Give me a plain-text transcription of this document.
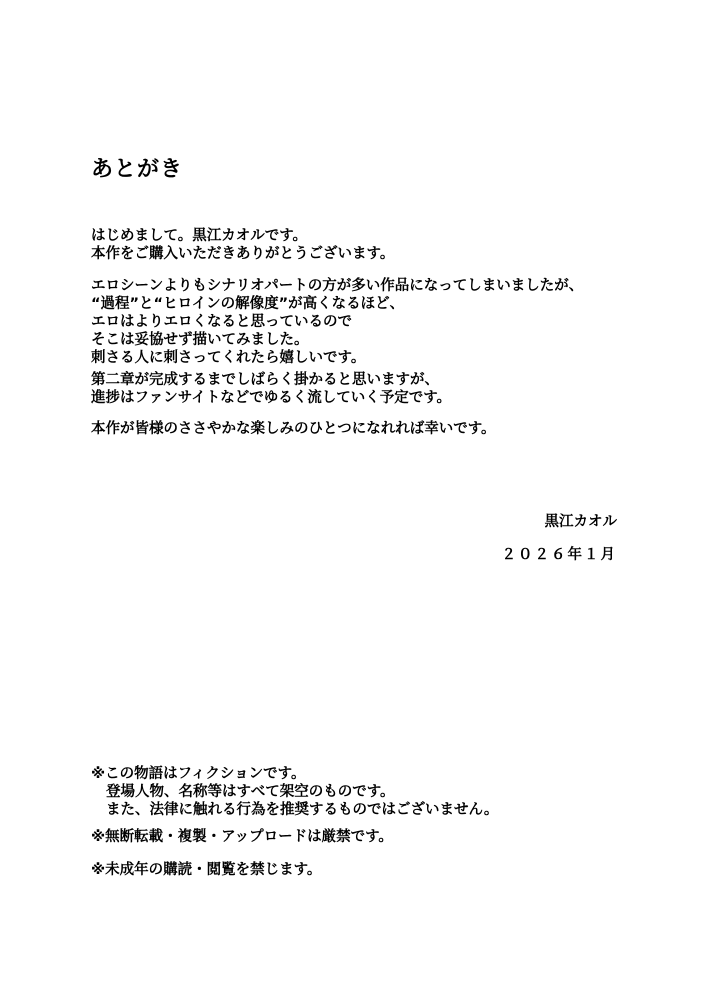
あとがき
はじめまして。黒江カオルです。
本作をご購入いただきありがとうございます。
エロシーンよりもシナリオパートの方が多い作品になってしまいましたが、
“過程”と“ヒロインの解像度”が高くなるほど、
エロはよりエロくなると思っているので
そこは妥協せず描いてみました。
刺さる人に刺さってくれたら嬉しいです。
第二章が完成するまでしばらく掛かると思いますが、
進捗はファンサイトなどでゆるく流していく予定です。
本作が皆様のささやかな楽しみのひとつになれれば幸いです。

黒江カオル

２０２６年１月

※この物語はフィクションです。
登場人物、名称等はすべて架空のものです。
また、法律に触れる行為を推奨するものではございません。
※無断転載・複製・アップロードは厳禁です。
※未成年の購読・閲覧を禁じます。
